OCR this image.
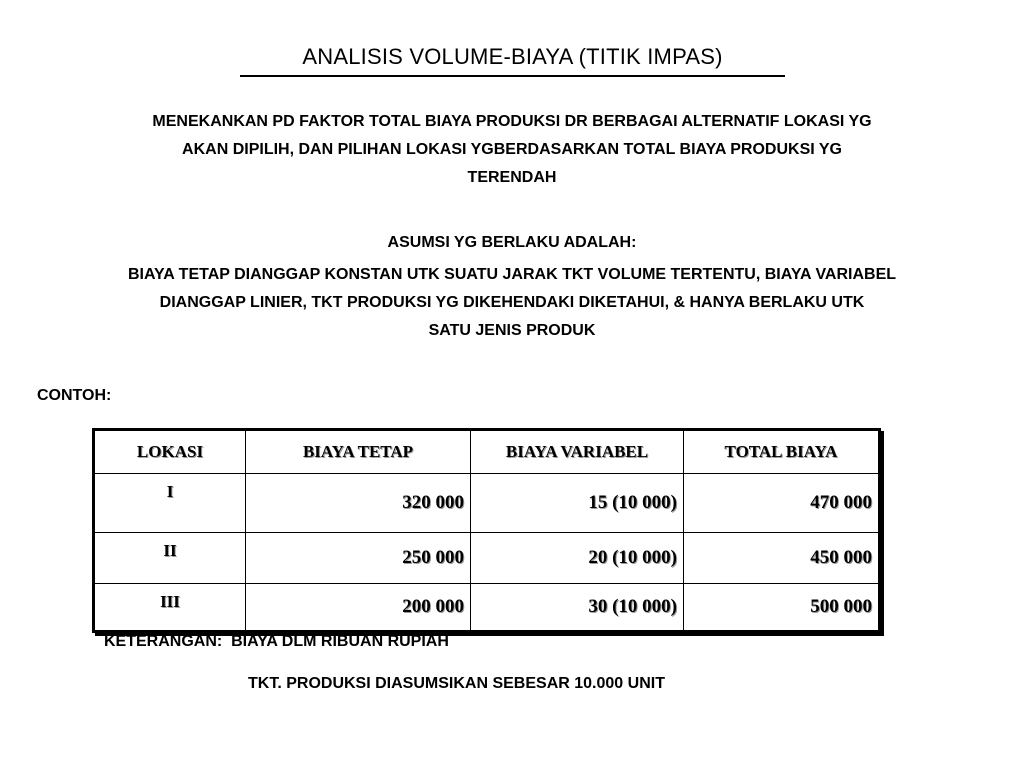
ANALISIS VOLUME-BIAYA (TITIK IMPAS)
MENEKANKAN PD FAKTOR TOTAL BIAYA PRODUKSI DR BERBAGAI ALTERNATIF LOKASI YG
AKAN DIPILIH, DAN PILIHAN LOKASI YGBERDASARKAN TOTAL BIAYA PRODUKSI YG
TERENDAH
ASUMSI YG BERLAKU ADALAH:
BIAYA TETAP DIANGGAP KONSTAN UTK SUATU JARAK TKT VOLUME TERTENTU, BIAYA VARIABEL
DIANGGAP LINIER, TKT PRODUKSI YG DIKEHENDAKI DIKETAHUI, & HANYA BERLAKU UTK
SATU JENIS PRODUK
CONTOH:
LOKASI	BIAYA TETAP	BIAYA VARIABEL	TOTAL BIAYA
I	320 000	15 (10 000)	470 000
II	250 000	20 (10 000)	450 000
III	200 000	30 (10 000)	500 000
KETERANGAN:  BIAYA DLM RIBUAN RUPIAH
TKT. PRODUKSI DIASUMSIKAN SEBESAR 10.000 UNIT
